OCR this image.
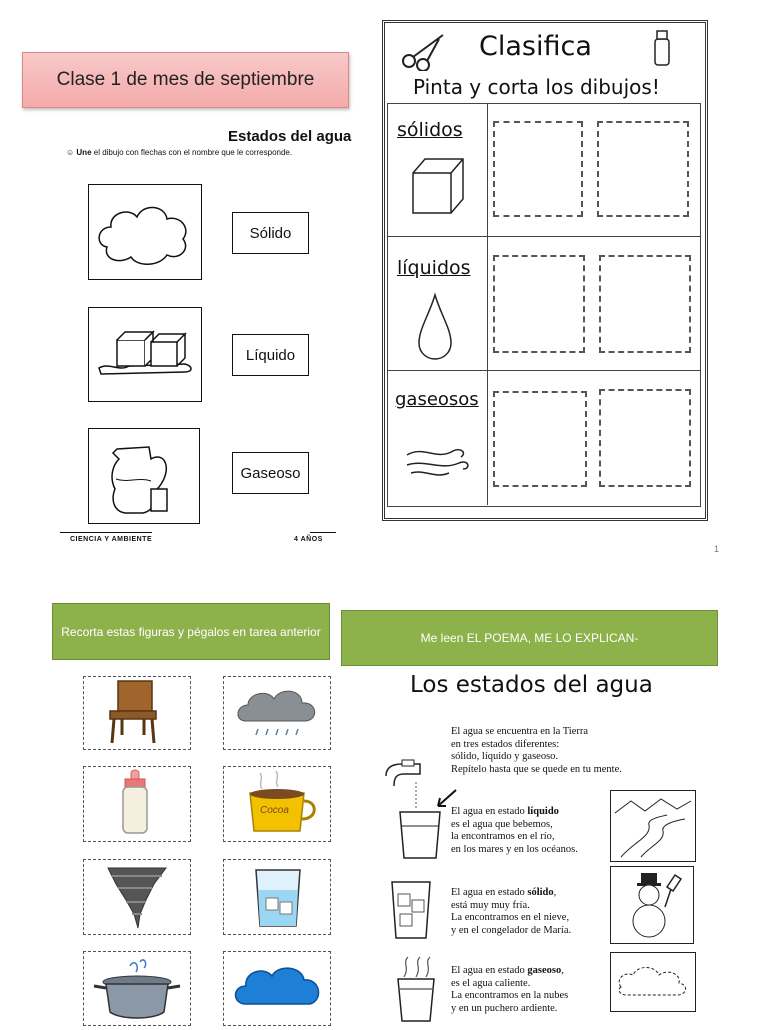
Clase 1 de mes de septiembre
Estados del agua
☺ Une el dibujo con flechas con el nombre que le corresponde.
Sólido
Líquido
Gaseoso
CIENCIA Y AMBIENTE	4 AÑOS
Clasifica
Pinta y corta los dibujos!
sólidos
líquidos
gaseosos
1
Recorta estas figuras y pégalos en tarea anterior	Me leen EL POEMA, ME LO EXPLICAN-
Cocoa
Los estados del agua
El agua se encuentra en la Tierra
en tres estados diferentes:
sólido, líquido y gaseoso.
Repítelo hasta que se quede en tu mente.
El agua en estado líquido
es el agua que bebemos,
la encontramos en el río,
en los mares y en los océanos.
El agua en estado sólido,
está muy muy fría.
La encontramos en el nieve,
y en el congelador de María.
El agua en estado gaseoso,
es el agua caliente.
La encontramos en la nubes
y en un puchero ardiente.
